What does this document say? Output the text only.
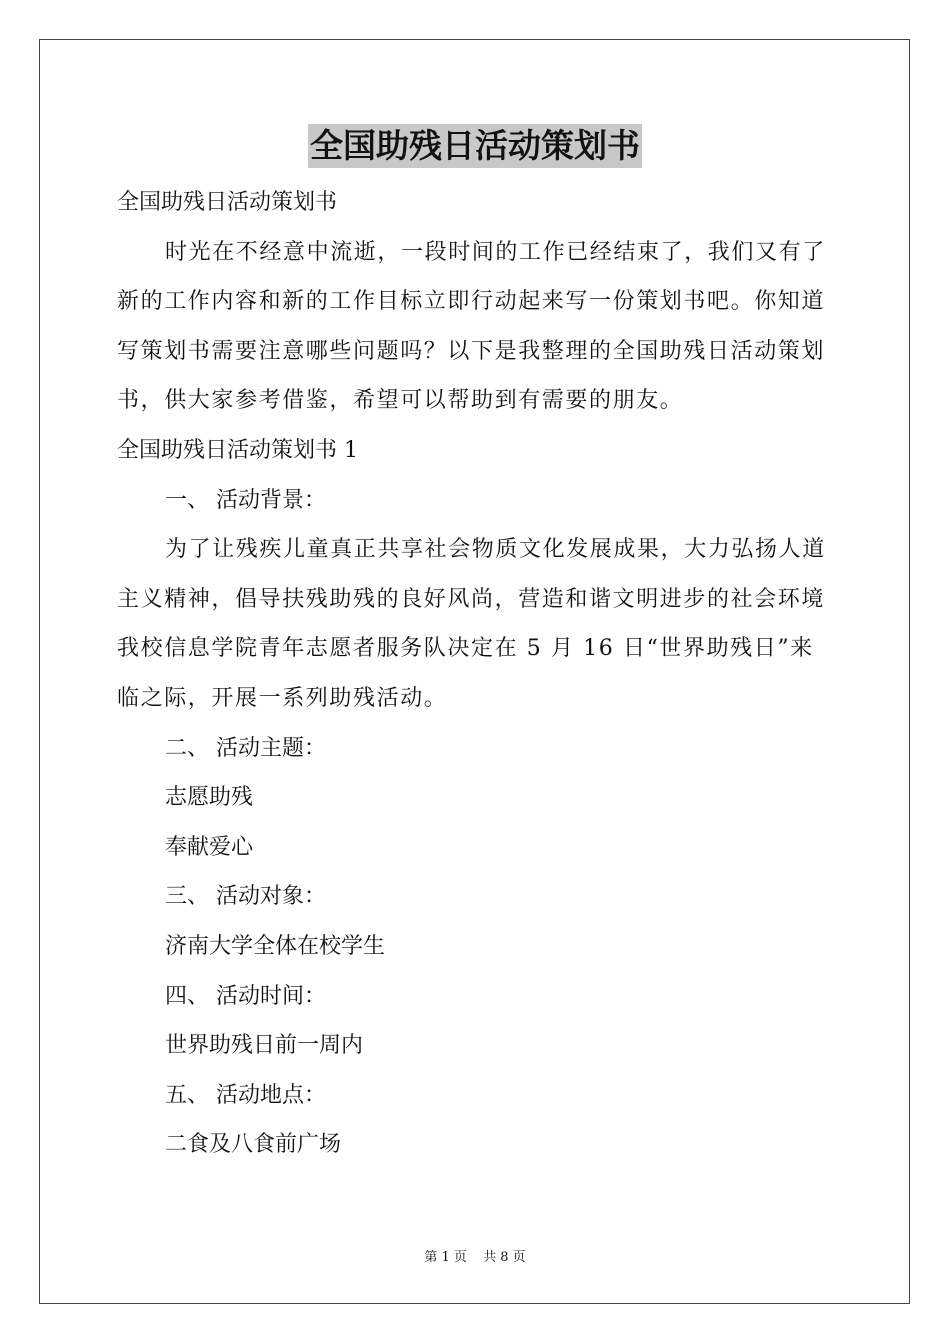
全国助残日活动策划书

全国助残日活动策划书

时光在不经意中流逝，一段时间的工作已经结束了，我们又有了
新的工作内容和新的工作目标立即行动起来写一份策划书吧。你知道
写策划书需要注意哪些问题吗？以下是我整理的全国助残日活动策划
书，供大家参考借鉴，希望可以帮助到有需要的朋友。

全国助残日活动策划书 1

一、 活动背景：

为了让残疾儿童真正共享社会物质文化发展成果，大力弘扬人道
主义精神，倡导扶残助残的良好风尚，营造和谐文明进步的社会环境
我校信息学院青年志愿者服务队决定在 5 月 16 日“世界助残日”来
临之际，开展一系列助残活动。

二、 活动主题：

志愿助残

奉献爱心

三、 活动对象：

济南大学全体在校学生

四、 活动时间：

世界助残日前一周内

五、 活动地点：

二食及八食前广场

第 1 页 共 8 页
